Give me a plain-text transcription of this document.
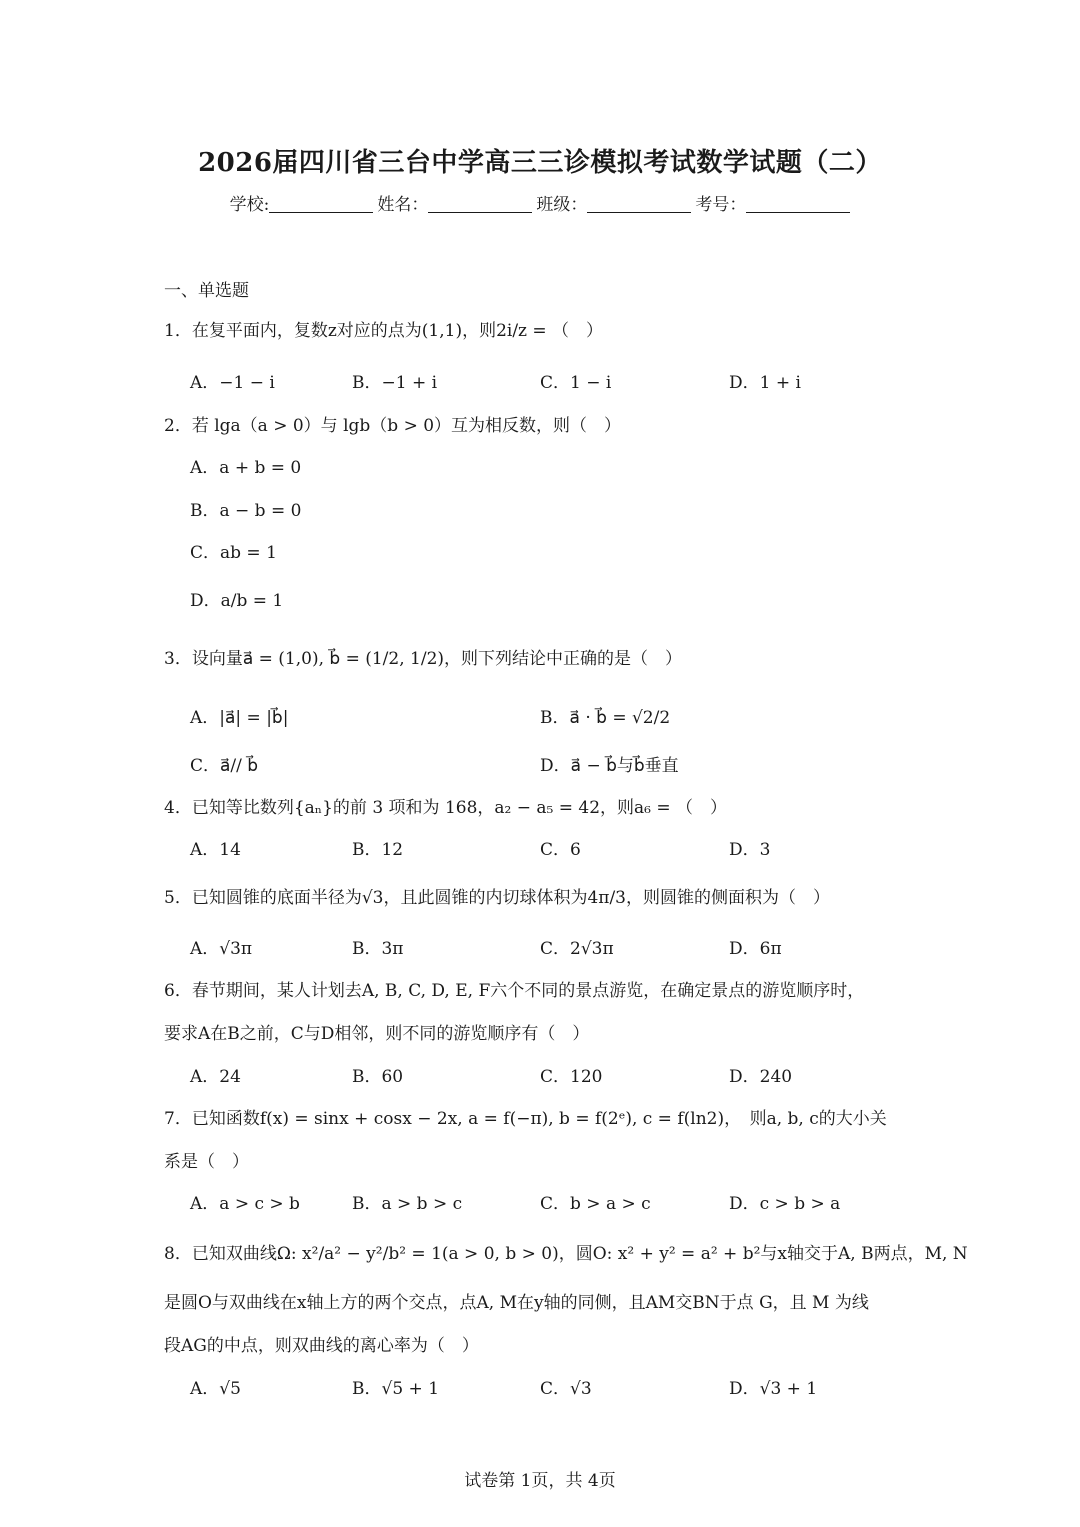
2026届四川省三台中学高三三诊模拟考试数学试题（二）
学校:	姓名：	班级：	考号：
一、单选题
1．在复平面内，复数z对应的点为(1,1)，则2i/z = （　）
A．−1 − i	B．−1 + i	C．1 − i	D．1 + i
2．若 lga（a > 0）与 lgb（b > 0）互为相反数，则（　）
A．a + b = 0
B．a − b = 0
C．ab = 1
D．a/b = 1
3．设向量a⃗ = (1,0), b⃗ = (1/2, 1/2)，则下列结论中正确的是（　）
A．|a⃗| = |b⃗|	B．a⃗ · b⃗ = √2/2
C．a⃗// b⃗	D．a⃗ − b⃗与b⃗垂直
4．已知等比数列{aₙ}的前 3 项和为 168，a₂ − a₅ = 42，则a₆ = （　）
A．14	B．12	C．6	D．3
5．已知圆锥的底面半径为√3，且此圆锥的内切球体积为4π/3，则圆锥的侧面积为（　）
A．√3π	B．3π	C．2√3π	D．6π
6．春节期间，某人计划去A, B, C, D, E, F六个不同的景点游览，在确定景点的游览顺序时，
要求A在B之前，C与D相邻，则不同的游览顺序有（　）
A．24	B．60	C．120	D．240
7．已知函数f(x) = sinx + cosx − 2x, a = f(−π), b = f(2ᵉ), c = f(ln2)，　则a, b, c的大小关
系是（　）
A．a > c > b	B．a > b > c	C．b > a > c	D．c > b > a
8．已知双曲线Ω: x²/a² − y²/b² = 1(a > 0, b > 0)，圆O: x² + y² = a² + b²与x轴交于A, B两点，M, N
是圆O与双曲线在x轴上方的两个交点，点A, M在y轴的同侧，且AM交BN于点 G，且 M 为线
段AG的中点，则双曲线的离心率为（　）
A．√5	B．√5 + 1	C．√3	D．√3 + 1
试卷第 1页，共 4页
